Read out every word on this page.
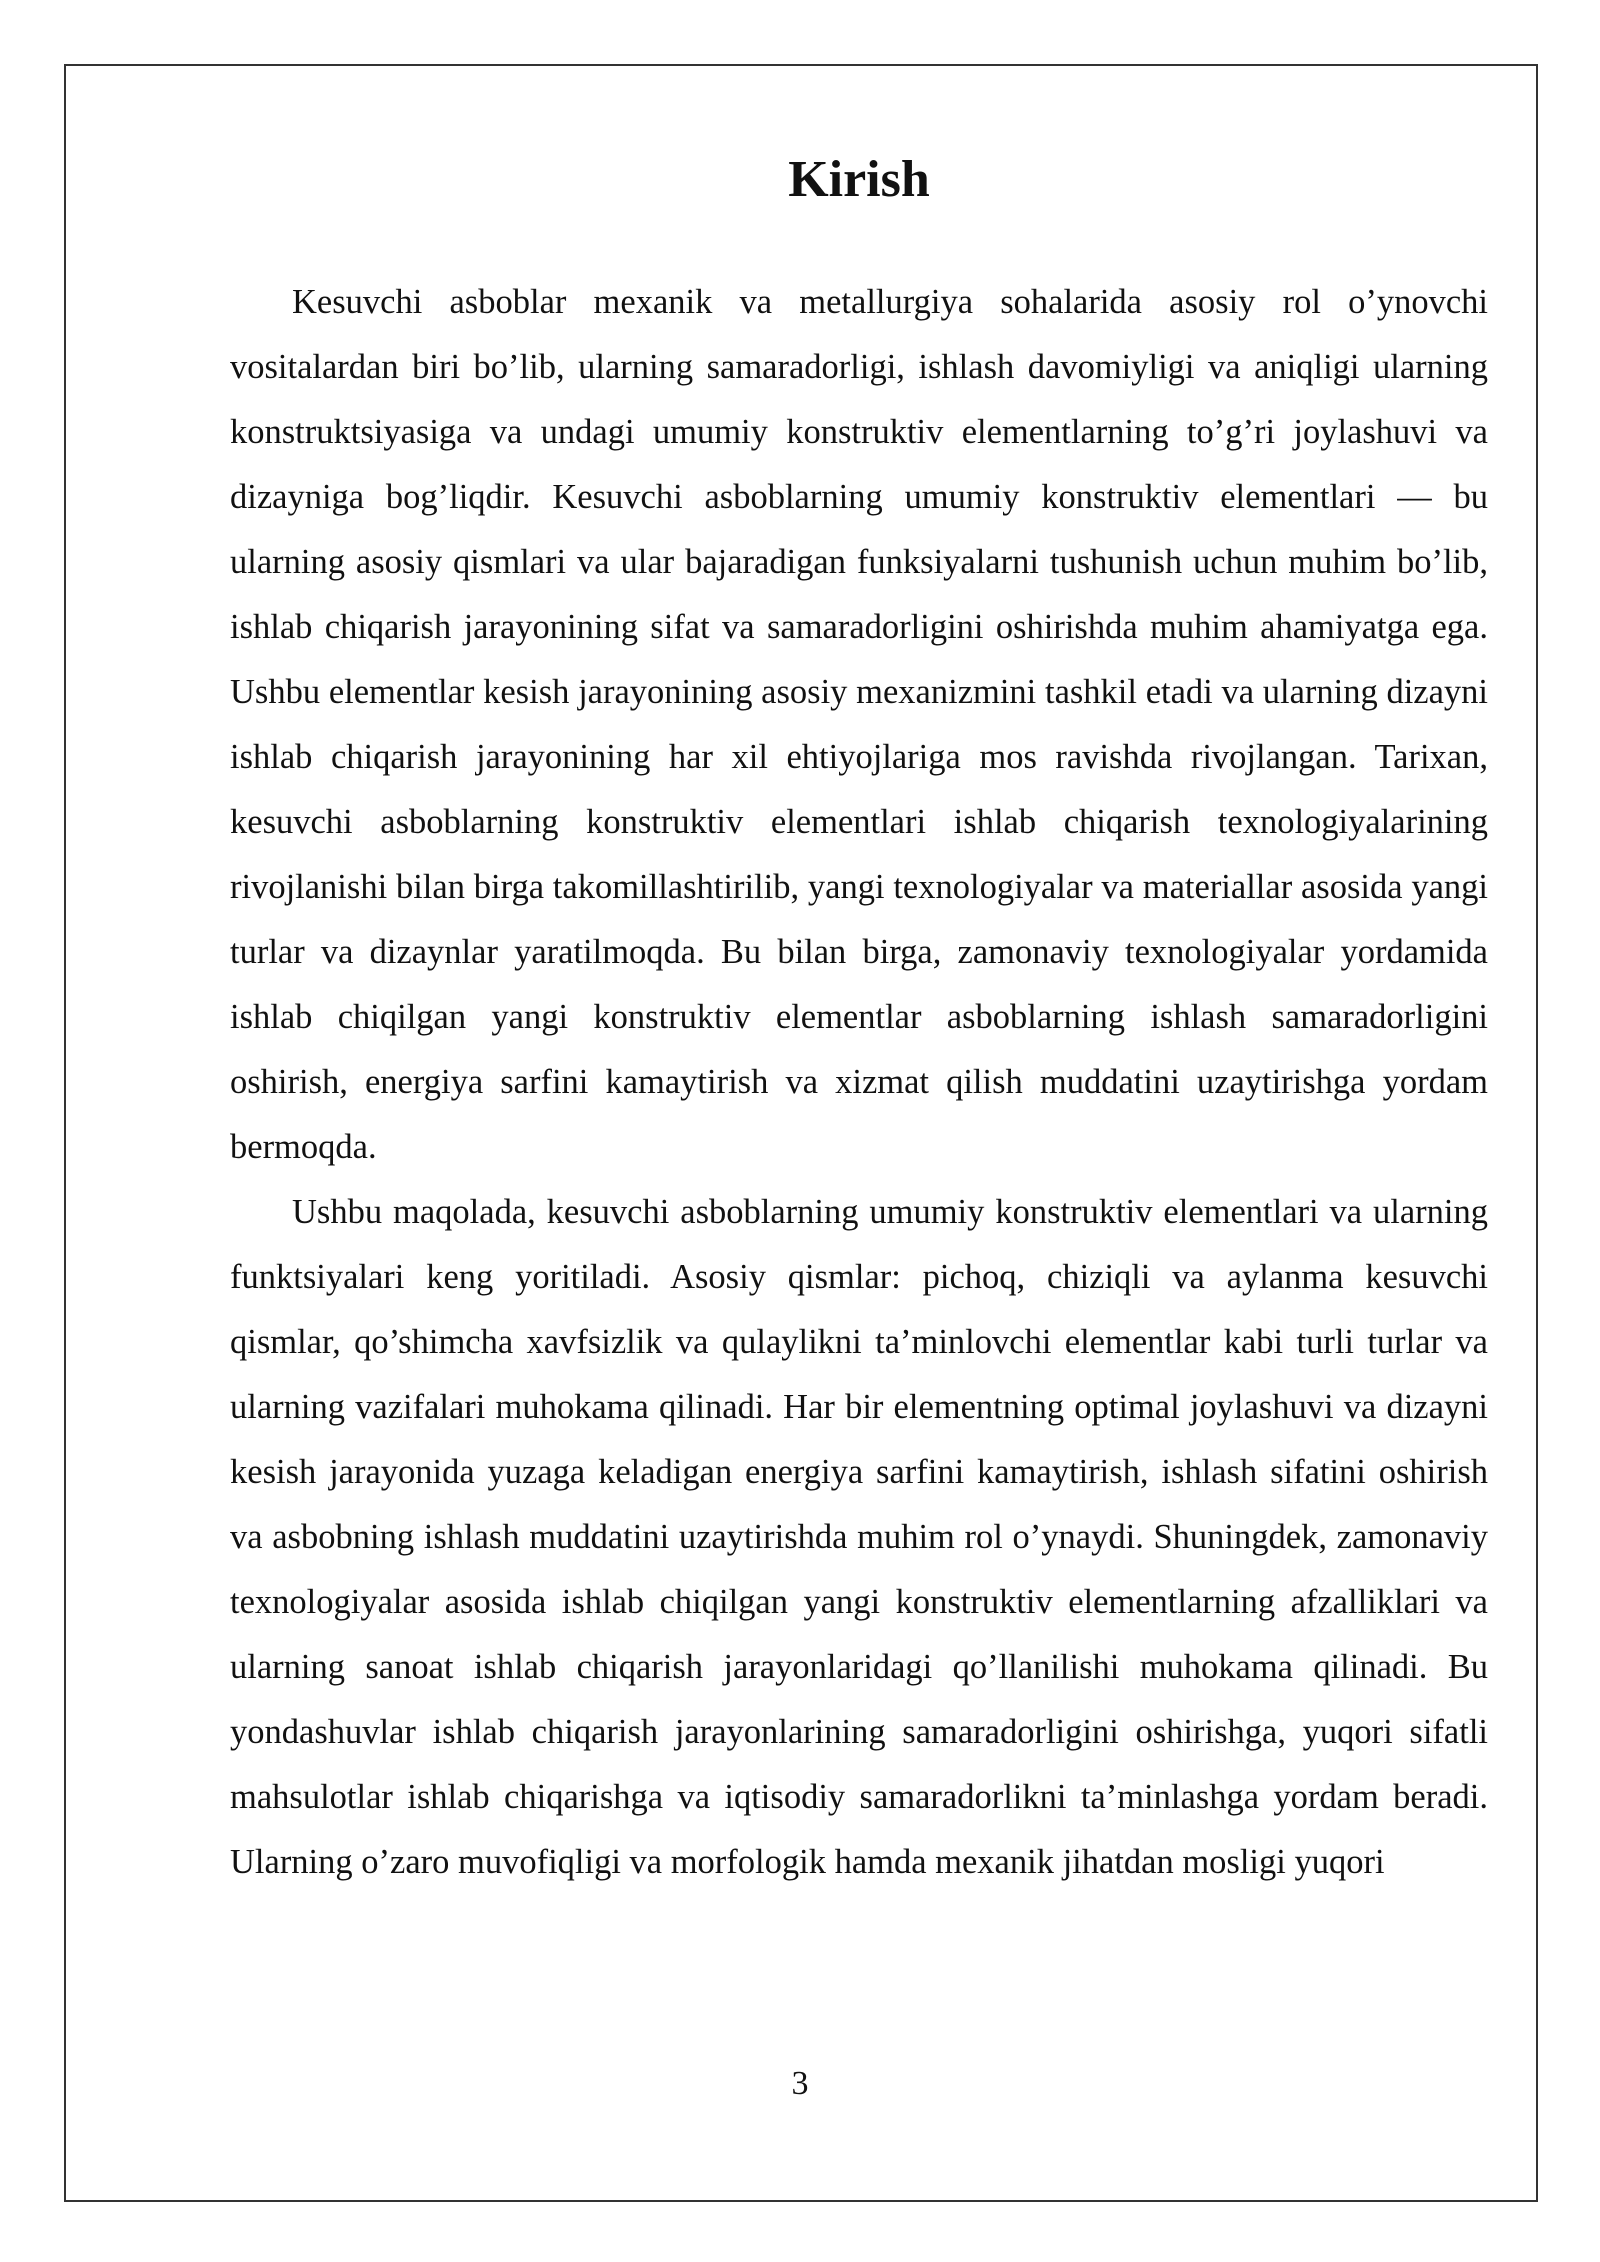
Kirish

Kesuvchi asboblar mexanik va metallurgiya sohalarida asosiy rol o’ynovchi vositalardan biri bo’lib, ularning samaradorligi, ishlash davomiyligi va aniqligi ularning konstruktsiyasiga va undagi umumiy konstruktiv elementlarning to’g’ri joylashuvi va dizayniga bog’liqdir. Kesuvchi asboblarning umumiy konstruktiv elementlari — bu ularning asosiy qismlari va ular bajaradigan funksiyalarni tushunish uchun muhim bo’lib, ishlab chiqarish jarayonining sifat va samaradorligini oshirishda muhim ahamiyatga ega. Ushbu elementlar kesish jarayonining asosiy mexanizmini tashkil etadi va ularning dizayni ishlab chiqarish jarayonining har xil ehtiyojlariga mos ravishda rivojlangan. Tarixan, kesuvchi asboblarning konstruktiv elementlari ishlab chiqarish texnologiyalarining rivojlanishi bilan birga takomillashtirilib, yangi texnologiyalar va materiallar asosida yangi turlar va dizaynlar yaratilmoqda. Bu bilan birga, zamonaviy texnologiyalar yordamida ishlab chiqilgan yangi konstruktiv elementlar asboblarning ishlash samaradorligini oshirish, energiya sarfini kamaytirish va xizmat qilish muddatini uzaytirishga yordam bermoqda.

Ushbu maqolada, kesuvchi asboblarning umumiy konstruktiv elementlari va ularning funktsiyalari keng yoritiladi. Asosiy qismlar: pichoq, chiziqli va aylanma kesuvchi qismlar, qo’shimcha xavfsizlik va qulaylikni ta’minlovchi elementlar kabi turli turlar va ularning vazifalari muhokama qilinadi. Har bir elementning optimal joylashuvi va dizayni kesish jarayonida yuzaga keladigan energiya sarfini kamaytirish, ishlash sifatini oshirish va asbobning ishlash muddatini uzaytirishda muhim rol o’ynaydi. Shuningdek, zamonaviy texnologiyalar asosida ishlab chiqilgan yangi konstruktiv elementlarning afzalliklari va ularning sanoat ishlab chiqarish jarayonlaridagi qo’llanilishi muhokama qilinadi. Bu yondashuvlar ishlab chiqarish jarayonlarining samaradorligini oshirishga, yuqori sifatli mahsulotlar ishlab chiqarishga va iqtisodiy samaradorlikni ta’minlashga yordam beradi. Ularning o’zaro muvofiqligi va morfologik hamda mexanik jihatdan mosligi yuqori

3
